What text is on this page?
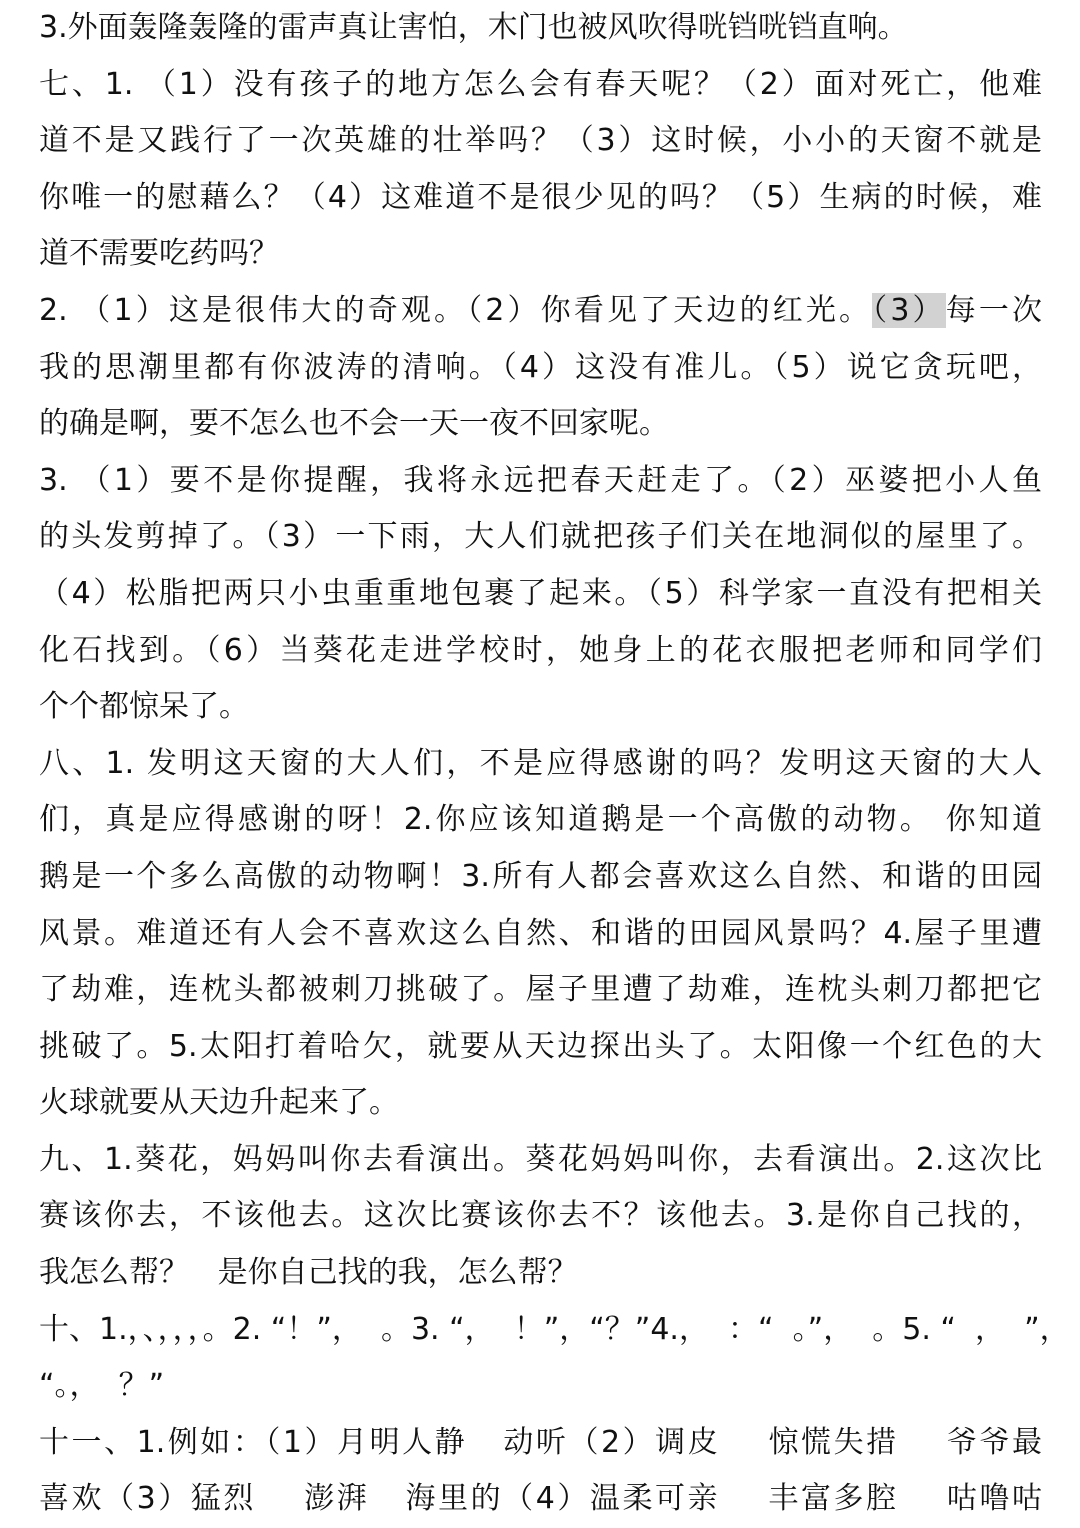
3.外面轰隆轰隆的雷声真让害怕，木门也被风吹得咣铛咣铛直响。
七、1. （1）没有孩子的地方怎么会有春天呢？（2）面对死亡，他难
道不是又践行了一次英雄的壮举吗？（3）这时候，小小的天窗不就是
你唯一的慰藉么？（4）这难道不是很少见的吗？（5）生病的时候，难
道不需要吃药吗？
2. （1）这是很伟大的奇观。（2）你看见了天边的红光。（3）每一次
我的思潮里都有你波涛的清响。（4）这没有准儿。（5）说它贪玩吧，
的确是啊，要不怎么也不会一天一夜不回家呢。
3. （1）要不是你提醒，我将永远把春天赶走了。（2）巫婆把小人鱼
的头发剪掉了。（3）一下雨，大人们就把孩子们关在地洞似的屋里了。
（4）松脂把两只小虫重重地包裹了起来。（5）科学家一直没有把相关
化石找到。（6）当葵花走进学校时，她身上的花衣服把老师和同学们
个个都惊呆了。
八、1. 发明这天窗的大人们，不是应得感谢的吗？发明这天窗的大人
们，真是应得感谢的呀！2.你应该知道鹅是一个高傲的动物。 你知道
鹅是一个多么高傲的动物啊！3.所有人都会喜欢这么自然、和谐的田园
风景。难道还有人会不喜欢这么自然、和谐的田园风景吗？4.屋子里遭
了劫难，连枕头都被刺刀挑破了。屋子里遭了劫难，连枕头刺刀都把它
挑破了。5.太阳打着哈欠，就要从天边探出头了。太阳像一个红色的大
火球就要从天边升起来了。
九、1.葵花，妈妈叫你去看演出。葵花妈妈叫你，去看演出。2.这次比
赛该你去，不该他去。这次比赛该你去不？该他去。3.是你自己找的，
我怎么帮？   是你自己找的我，怎么帮？
十、1.，、，，，。2. “！”，  。3. “，  ！”，“？”4.，  ：“  。”，  。5. “  ，  ”，
“。，  ？”
十一、1.例如：（1）月明人静   动听（2）调皮    惊慌失措    爷爷最
喜欢（3）猛烈    澎湃   海里的（4）温柔可亲    丰富多腔    咕噜咕
